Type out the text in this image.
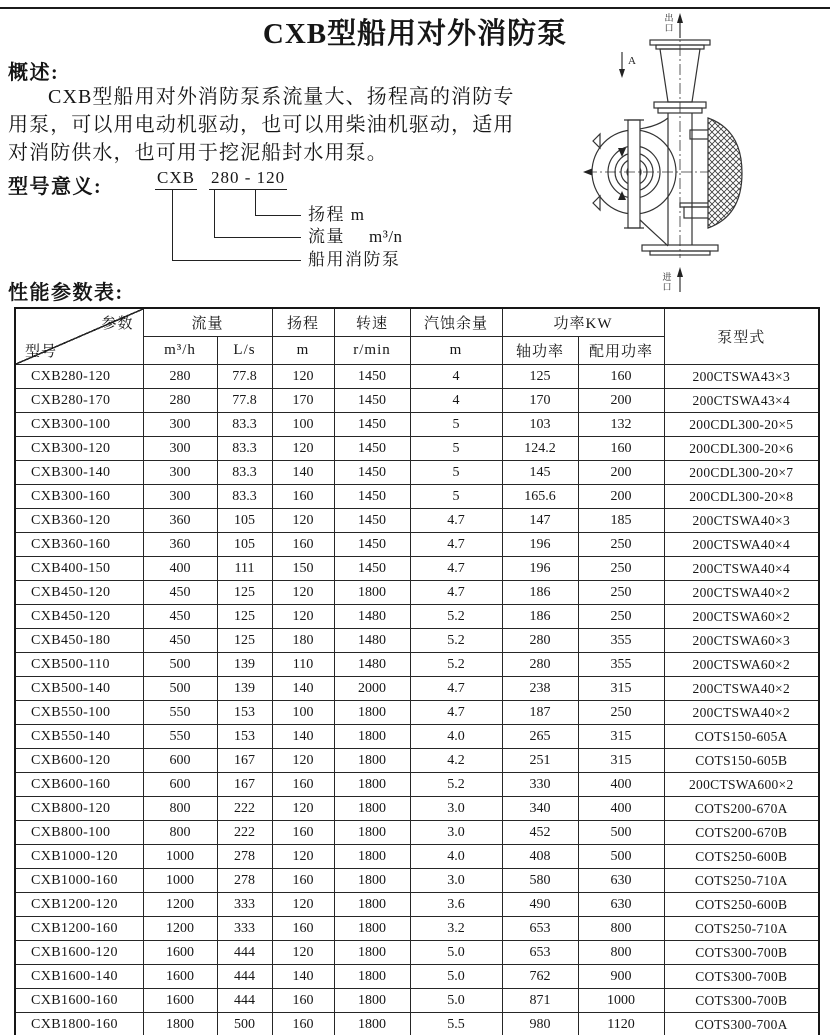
CXB型船用对外消防泵	出
口
A
进
口
概述:
CXB型船用对外消防泵系流量大、扬程高的消防专
用泵，可以用电动机驱动，也可以用柴油机驱动，适用
对消防供水，也可用于挖泥船封水用泵。
型号意义:	CXB 280 - 120
扬程 m
流量 m³/n
船用消防泵
性能参数表:
参数
型号	流量		扬程	转速	汽蚀余量	功率KW		泵型式
	m³/h	L/s	m	r/min	m	轴功率	配用功率	
CXB280-120	280	77.8	120	1450	4	125	160	200CTSWA43×3
CXB280-170	280	77.8	170	1450	4	170	200	200CTSWA43×4
CXB300-100	300	83.3	100	1450	5	103	132	200CDL300-20×5
CXB300-120	300	83.3	120	1450	5	124.2	160	200CDL300-20×6
CXB300-140	300	83.3	140	1450	5	145	200	200CDL300-20×7
CXB300-160	300	83.3	160	1450	5	165.6	200	200CDL300-20×8
CXB360-120	360	105	120	1450	4.7	147	185	200CTSWA40×3
CXB360-160	360	105	160	1450	4.7	196	250	200CTSWA40×4
CXB400-150	400	111	150	1450	4.7	196	250	200CTSWA40×4
CXB450-120	450	125	120	1800	4.7	186	250	200CTSWA40×2
CXB450-120	450	125	120	1480	5.2	186	250	200CTSWA60×2
CXB450-180	450	125	180	1480	5.2	280	355	200CTSWA60×3
CXB500-110	500	139	110	1480	5.2	280	355	200CTSWA60×2
CXB500-140	500	139	140	2000	4.7	238	315	200CTSWA40×2
CXB550-100	550	153	100	1800	4.7	187	250	200CTSWA40×2
CXB550-140	550	153	140	1800	4.0	265	315	COTS150-605A
CXB600-120	600	167	120	1800	4.2	251	315	COTS150-605B
CXB600-160	600	167	160	1800	5.2	330	400	200CTSWA600×2
CXB800-120	800	222	120	1800	3.0	340	400	COTS200-670A
CXB800-100	800	222	160	1800	3.0	452	500	COTS200-670B
CXB1000-120	1000	278	120	1800	4.0	408	500	COTS250-600B
CXB1000-160	1000	278	160	1800	3.0	580	630	COTS250-710A
CXB1200-120	1200	333	120	1800	3.6	490	630	COTS250-600B
CXB1200-160	1200	333	160	1800	3.2	653	800	COTS250-710A
CXB1600-120	1600	444	120	1800	5.0	653	800	COTS300-700B
CXB1600-140	1600	444	140	1800	5.0	762	900	COTS300-700B
CXB1600-160	1600	444	160	1800	5.0	871	1000	COTS300-700B
CXB1800-160	1800	500	160	1800	5.5	980	1120	COTS300-700A
